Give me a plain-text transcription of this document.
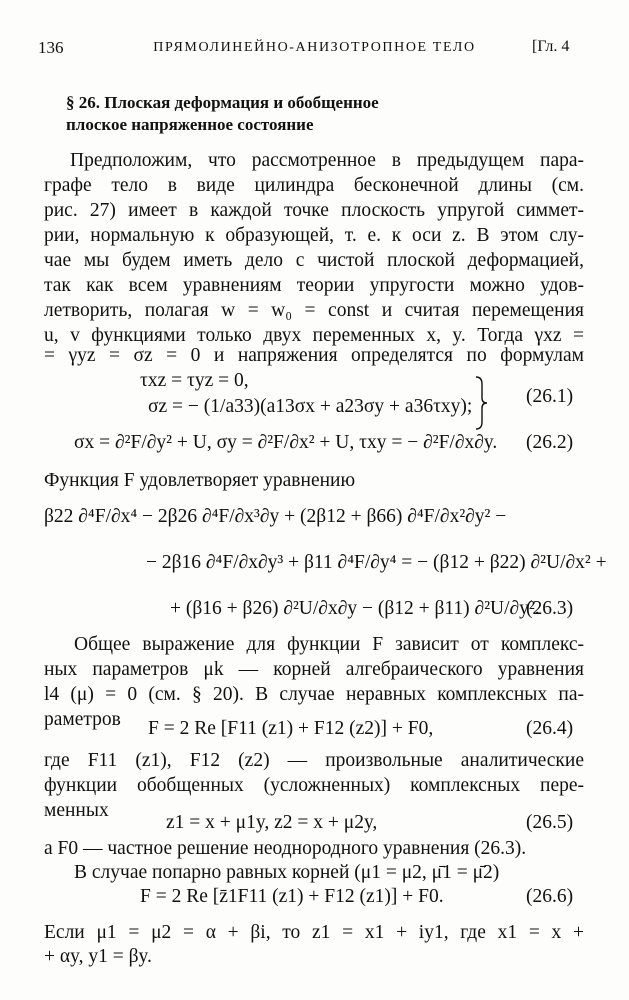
136	ПРЯМОЛИНЕЙНО-АНИЗОТРОПНОЕ ТЕЛО	[Гл. 4
§ 26. Плоская деформация и обобщенное
плоское напряженное состояние
Предположим, что рассмотренное в предыдущем пара-
графе тело в виде цилиндра бесконечной длины (см.
рис. 27) имеет в каждой точке плоскость упругой симмет-
рии, нормальную к образующей, т. е. к оси z. В этом слу-
чае мы будем иметь дело с чистой плоской деформацией,
так как всем уравнениям теории упругости можно удов-
летворить, полагая w = w₀ = const и считая перемещения
u, v функциями только двух переменных x, y. Тогда γxz =
= γyz = σz = 0 и напряжения определятся по формулам
τxz = τyz = 0,
σz = − (1/a33)(a13σx + a23σy + a36τxy);	(26.1)
σx = ∂²F/∂y² + U, σy = ∂²F/∂x² + U, τxy = − ∂²F/∂x∂y. (26.2)
Функция F удовлетворяет уравнению
β22 ∂⁴F/∂x⁴ − 2β26 ∂⁴F/∂x³∂y + (2β12 + β66) ∂⁴F/∂x²∂y² −
− 2β16 ∂⁴F/∂x∂y³ + β11 ∂⁴F/∂y⁴ = − (β12 + β22) ∂²U/∂x² +
+ (β16 + β26) ∂²U/∂x∂y − (β12 + β11) ∂²U/∂y².
(26.3)
Общее выражение для функции F зависит от комплекс-
ных параметров μk — корней алгебраического уравнения
l4 (μ) = 0 (см. § 20). В случае неравных комплексных па-
раметров	F = 2 Re [F11 (z1) + F12 (z2)] + F0,	(26.4)
где F11 (z1), F12 (z2) — произвольные аналитические
функции обобщенных (усложненных) комплексных пере-
менных
z1 = x + μ1y, z2 = x + μ2y,	(26.5)
а F0 — частное решение неоднородного уравнения (26.3).
В случае попарно равных корней (μ1 = μ2, μ̄1 = μ̄2)
F = 2 Re [z̄1F11 (z1) + F12 (z1)] + F0.	(26.6)
Если μ1 = μ2 = α + βi, то z1 = x1 + iy1, где x1 = x +
+ αy, y1 = βy.
